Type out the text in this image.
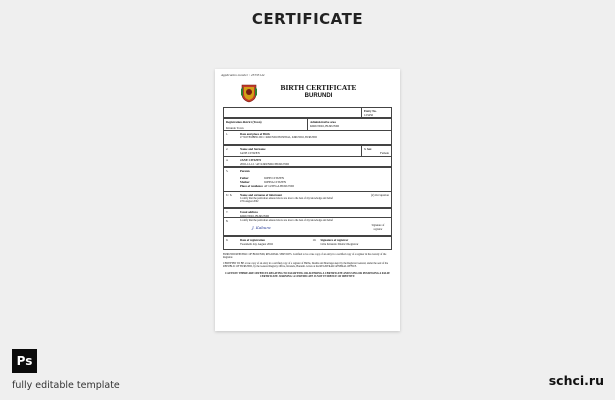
CERTIFICATE
Application number : 23333144
BIRTH CERTIFICATE
BURUNDI
Entry No.
123456
Registration district (Town)
Kirundo Town
Administrative area
KIRUNDO, BURUNDI
1.	Date and place of Birth
27 NOVEMBER 2001 / KIRUNDO HOSPITAL, KIRUNDO, BURUNDI
2.	Name and Surname
JANE CITIZEN
3. Sex
Female
4.	JANE CITIZEN
2002-12-12 / AT KIRUNDO BURUNDI
5.	Parents
Father	JOHN CITIZEN
Mother	JOHNA CITIZEN
Place of residence AT GITEGA BURUNDI
6 / 6.	Name and surname of informant	(2) Occupation
I certify that the particulars entered above are true to the best of my knowledge and belief
27th August 2002
7.	Usual address
KIRUNDO, BURUNDI
8.	I certify that the particulars entered above are true to the best of my knowledge and belief
J. Kabura	Signature of registrar
9.	Date of registration
Twentieth day August 2002
10.	Signature of registrar
Lilia Kirundo District Registrar
BURUNDI REPUBLIC OF BURUNDI, REGIONAL SERVICES. Certified to be a true copy of an entry in a certified copy of a register in the custody of the Registrar.
CERTIFIED TO BE a true copy of an entry in a certified copy of a register of Births, Deaths and Marriages kept by the Registrar General, under the seal of the REPUBLIC OF BURUNDI, by the General Registry Office, Kirundo, Burundi. Given at the REGISTRAR GENERAL OFFICE.
CAUTION: THERE ARE OFFENCES RELATING TO FALSIFYING OR ALTERING A CERTIFICATE AND USING OR POSSESSING A FALSE CERTIFICATE. WARNING: A CERTIFICATE IS NOT EVIDENCE OF IDENTITY.
Ps
fully editable template	schci.ru
